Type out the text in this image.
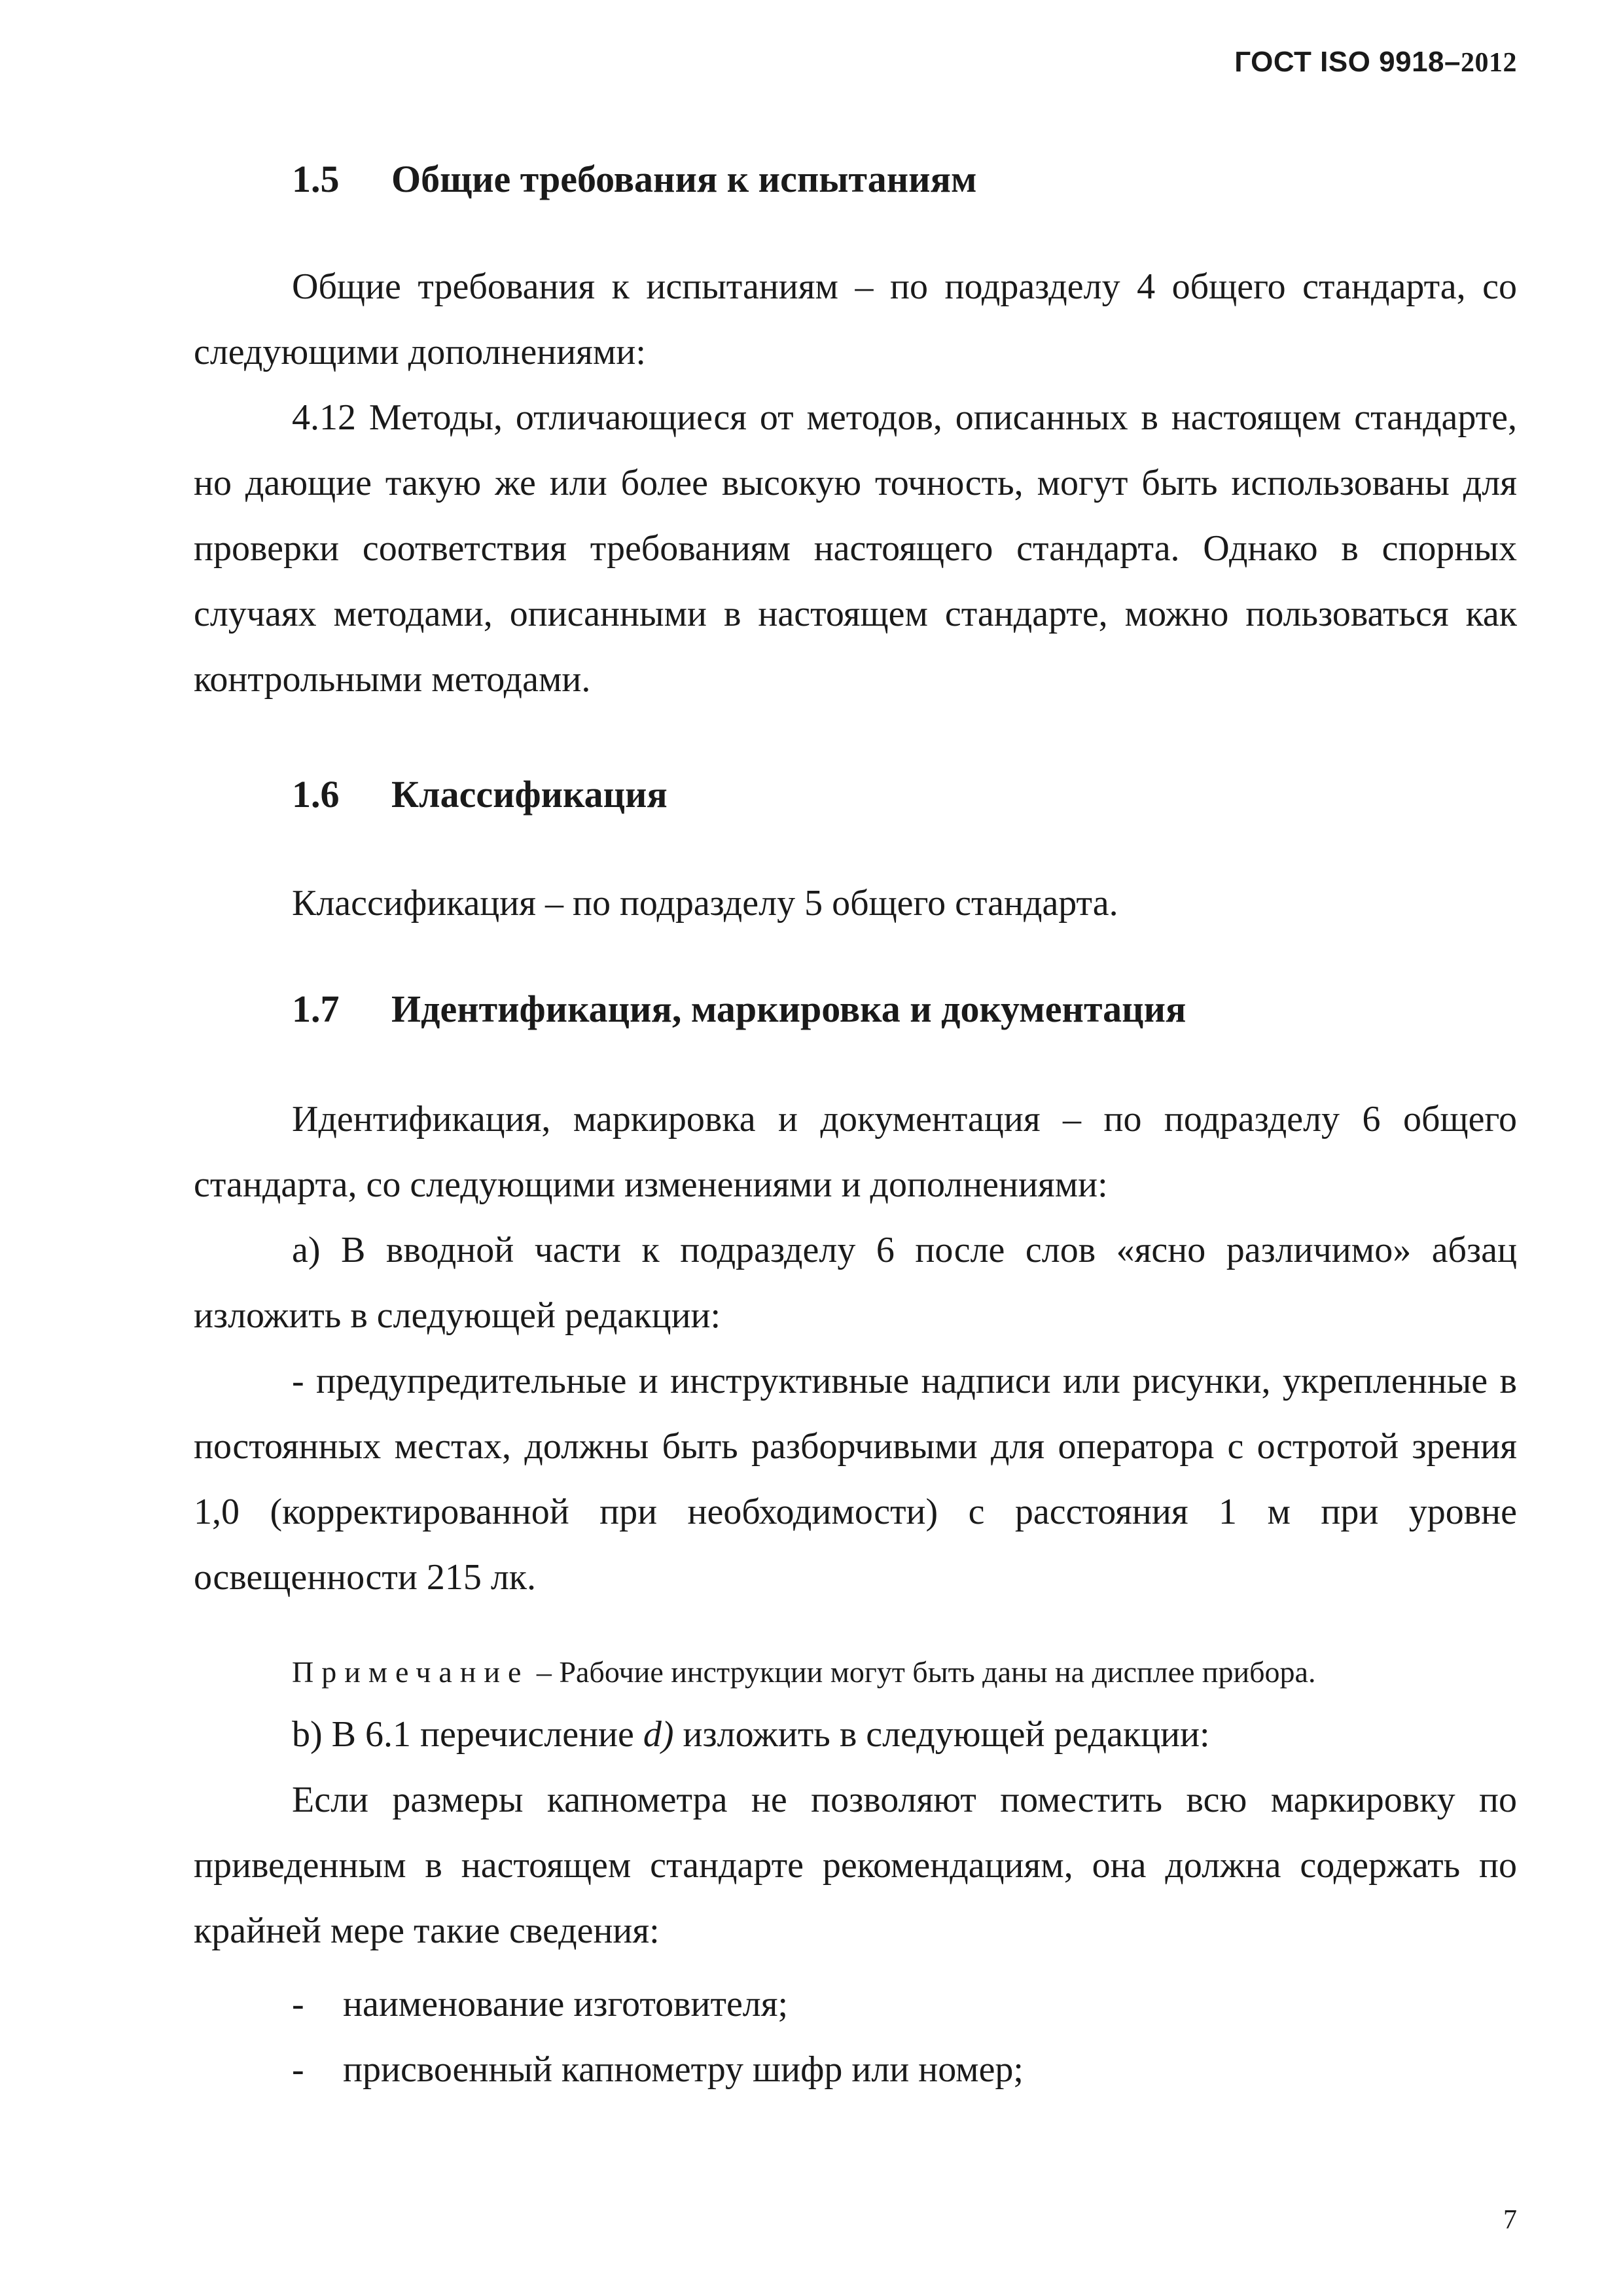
ГОСТ ISO 9918–2012
1.5 Общие требования к испытаниям
Общие требования к испытаниям – по подразделу 4 общего стандарта, со следующими дополнениями:
4.12 Методы, отличающиеся от методов, описанных в настоящем стандарте, но дающие такую же или более высокую точность, могут быть использованы для проверки соответствия требованиям настоящего стандарта. Однако в спорных случаях методами, описанными в настоящем стандарте, можно пользоваться как контрольными методами.
1.6 Классификация
Классификация – по подразделу 5 общего стандарта.
1.7 Идентификация, маркировка и документация
Идентификация, маркировка и документация – по подразделу 6 общего стандарта, со следующими изменениями и дополнениями:
а) В вводной части к подразделу 6 после слов «ясно различимо» абзац изложить в следующей редакции:
- предупредительные и инструктивные надписи или рисунки, укрепленные в постоянных местах, должны быть разборчивыми для оператора с остротой зрения 1,0 (корректированной при необходимости) с расстояния 1 м при уровне освещенности 215 лк.
Примечание – Рабочие инструкции могут быть даны на дисплее прибора.
b) В 6.1 перечисление d) изложить в следующей редакции:
Если размеры капнометра не позволяют поместить всю маркировку по приведенным в настоящем стандарте рекомендациям, она должна содержать по крайней мере такие сведения:
- наименование изготовителя;
- присвоенный капнометру шифр или номер;
7
